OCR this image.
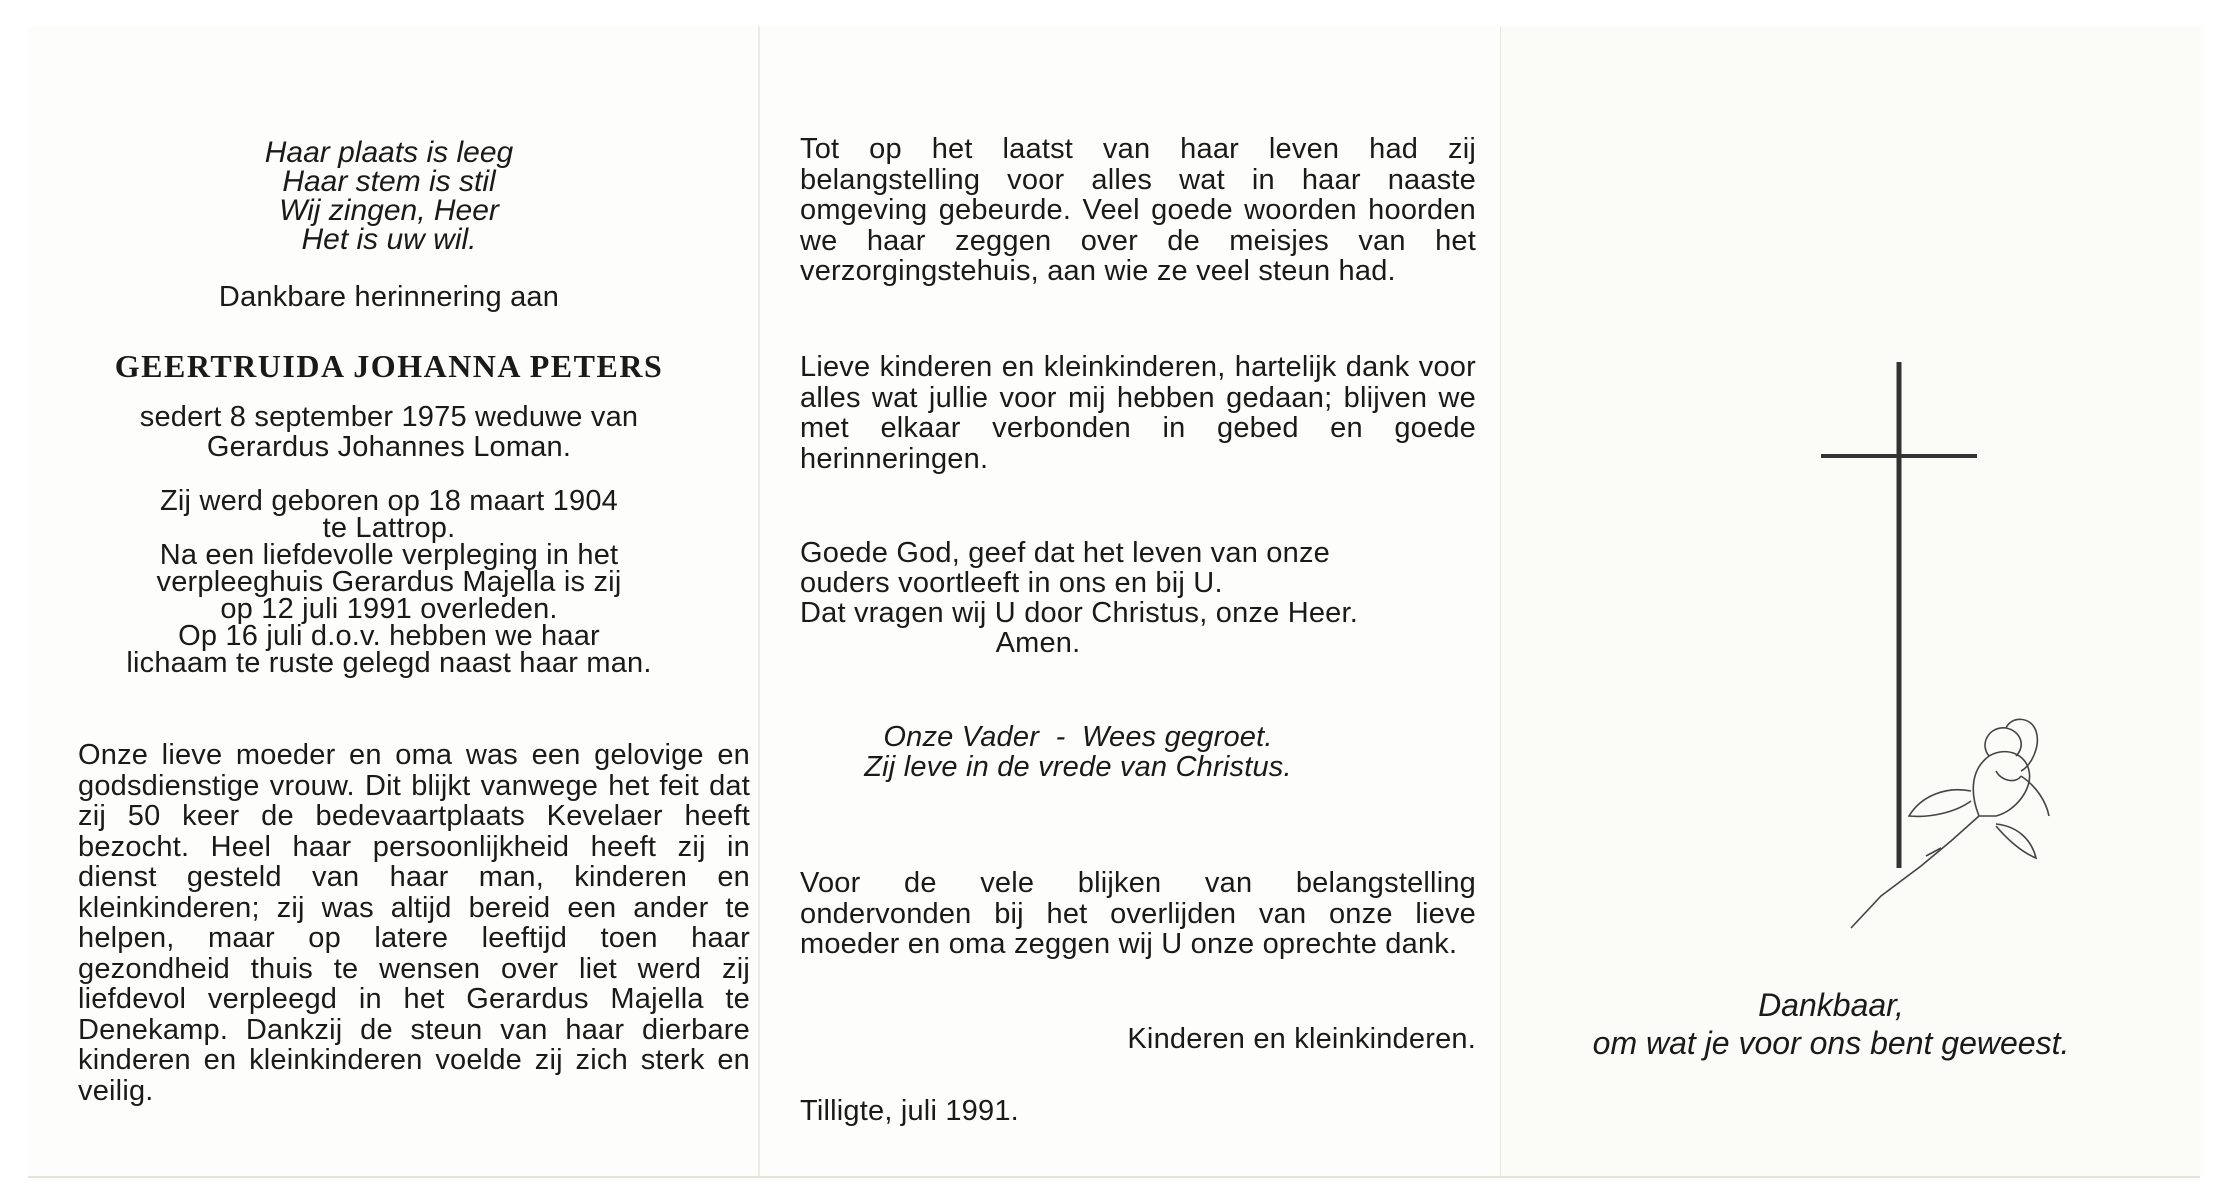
Haar plaats is leeg
Haar stem is stil
Wij zingen, Heer
Het is uw wil.
Dankbare herinnering aan
GEERTRUIDA JOHANNA PETERS
sedert 8 september 1975 weduwe van
Gerardus Johannes Loman.
Zij werd geboren op 18 maart 1904
te Lattrop.
Na een liefdevolle verpleging in het
verpleeghuis Gerardus Majella is zij
op 12 juli 1991 overleden.
Op 16 juli d.o.v. hebben we haar
lichaam te ruste gelegd naast haar man.
Onze lieve moeder en oma was een gelovige en godsdienstige vrouw. Dit blijkt vanwege het feit dat zij 50 keer de bedevaartplaats Kevelaer heeft bezocht. Heel haar persoonlijkheid heeft zij in dienst gesteld van haar man, kinderen en kleinkinderen; zij was altijd bereid een ander te helpen, maar op latere leeftijd toen haar gezondheid thuis te wensen over liet werd zij liefdevol verpleegd in het Gerardus Majella te Denekamp. Dankzij de steun van haar dierbare kinderen en kleinkinderen voelde zij zich sterk en veilig.
Tot op het laatst van haar leven had zij belangstelling voor alles wat in haar naaste omgeving gebeurde. Veel goede woorden hoorden we haar zeggen over de meisjes van het verzorgingstehuis, aan wie ze veel steun had.
Lieve kinderen en kleinkinderen, hartelijk dank voor alles wat jullie voor mij hebben gedaan; blijven we met elkaar verbonden in gebed en goede herinneringen.
Goede God, geef dat het leven van onze
ouders voortleeft in ons en bij U.
Dat vragen wij U door Christus, onze Heer.
Amen.
Onze Vader  -  Wees gegroet.
Zij leve in de vrede van Christus.
Voor de vele blijken van belangstelling ondervonden bij het overlijden van onze lieve moeder en oma zeggen wij U onze oprechte dank.
Kinderen en kleinkinderen.
Tilligte, juli 1991.
Dankbaar,
om wat je voor ons bent geweest.
